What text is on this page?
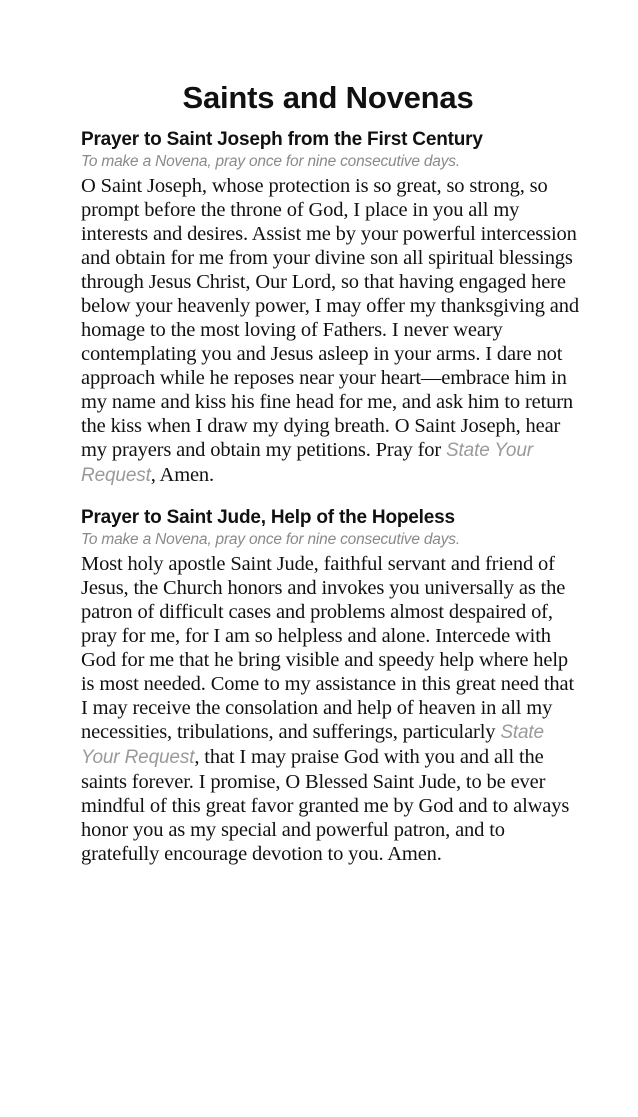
Saints and Novenas
Prayer to Saint Joseph from the First Century

To make a Novena, pray once for nine consecutive days.

O Saint Joseph, whose protection is so great, so strong, so prompt before the throne of God, I place in you all my interests and desires. Assist me by your powerful intercession and obtain for me from your divine son all spiritual blessings through Jesus Christ, Our Lord, so that having engaged here below your heavenly power, I may offer my thanksgiving and homage to the most loving of Fathers. I never weary contemplating you and Jesus asleep in your arms. I dare not approach while he reposes near your heart—embrace him in my name and kiss his fine head for me, and ask him to return the kiss when I draw my dying breath. O Saint Joseph, hear my prayers and obtain my petitions. Pray for State Your Request, Amen.

Prayer to Saint Jude, Help of the Hopeless

To make a Novena, pray once for nine consecutive days.

Most holy apostle Saint Jude, faithful servant and friend of Jesus, the Church honors and invokes you universally as the patron of difficult cases and problems almost despaired of, pray for me, for I am so helpless and alone. Intercede with God for me that he bring visible and speedy help where help is most needed. Come to my assistance in this great need that I may receive the consolation and help of heaven in all my necessities, tribulations, and sufferings, particularly State Your Request, that I may praise God with you and all the saints forever. I promise, O Blessed Saint Jude, to be ever mindful of this great favor granted me by God and to always honor you as my special and powerful patron, and to gratefully encourage devotion to you. Amen.
